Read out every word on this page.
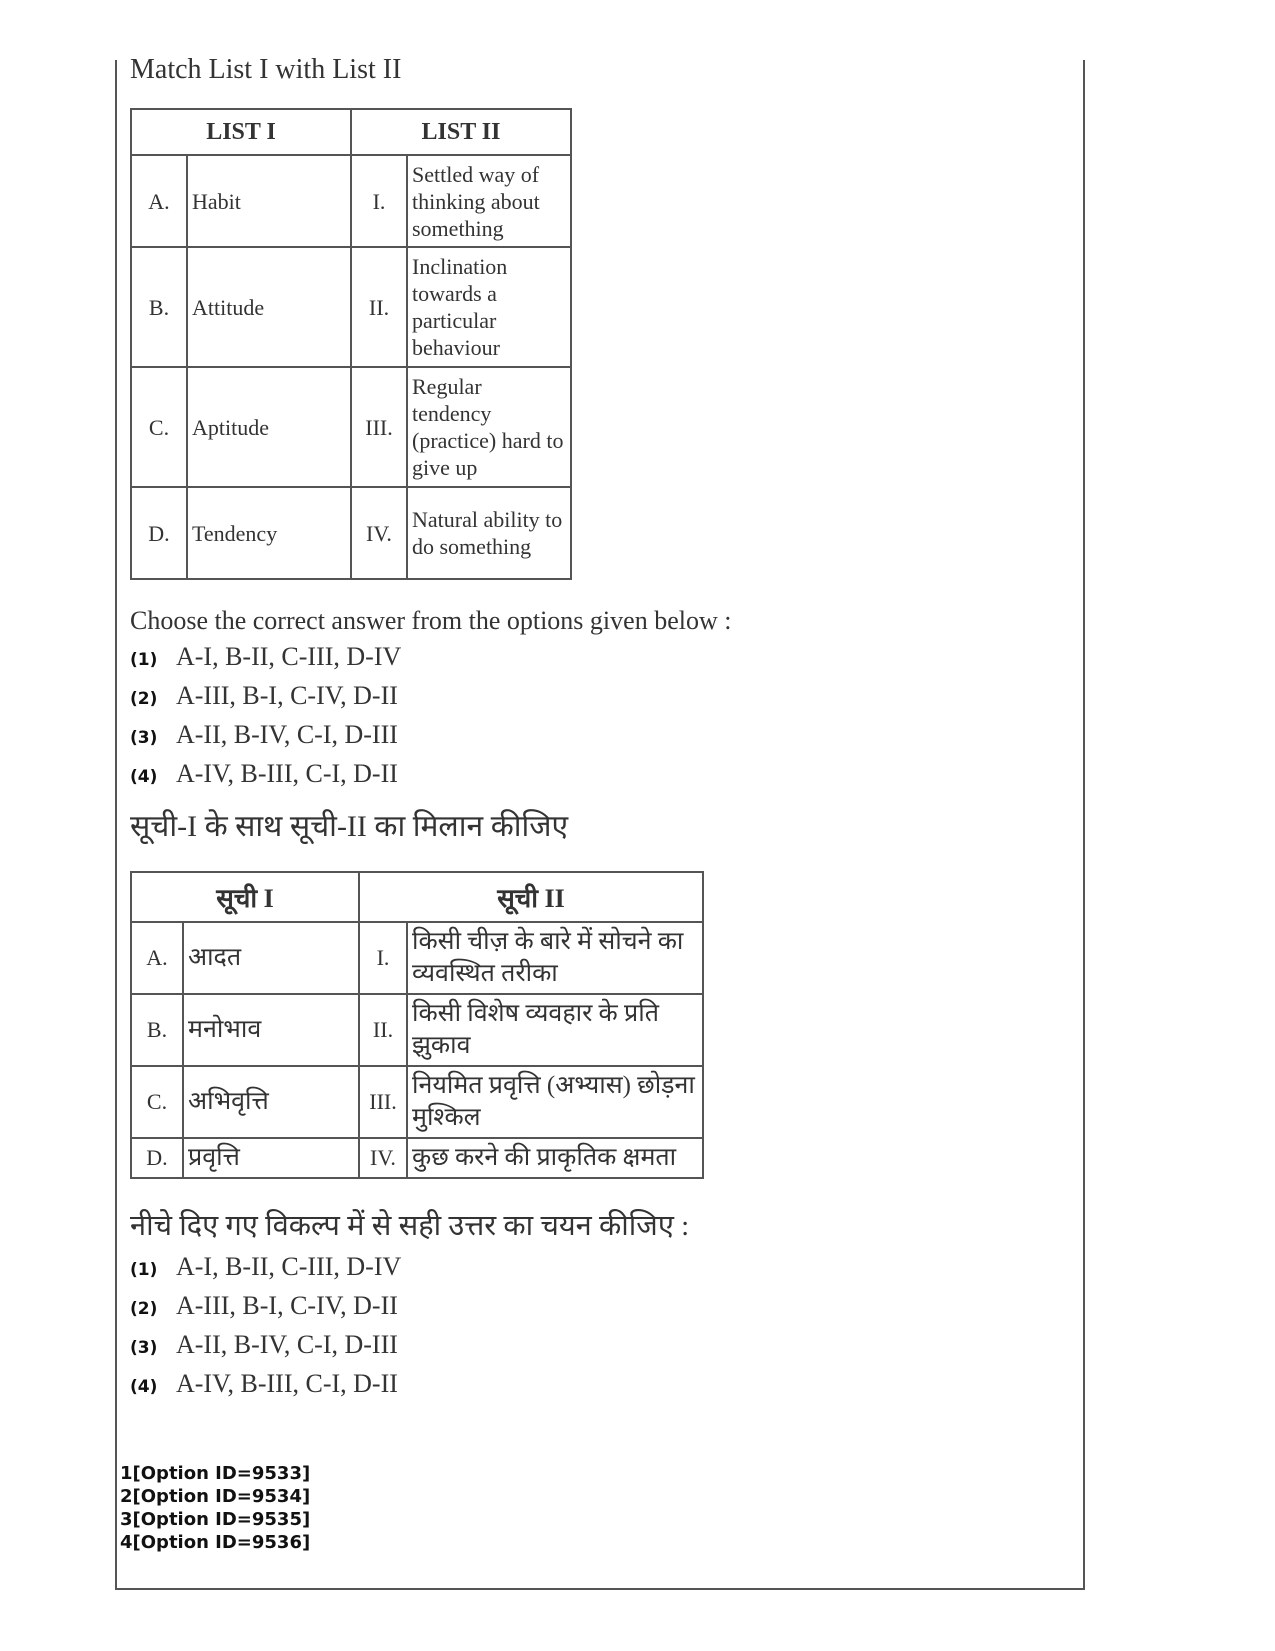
Match List I with List II
LIST I		LIST II	
A.	Habit	I.	Settled way of thinking about something
B.	Attitude	II.	Inclination towards a particular behaviour
C.	Aptitude	III.	Regular tendency (practice) hard to give up
D.	Tendency	IV.	Natural ability to do something
Choose the correct answer from the options given below :
(1) A-I, B-II, C-III, D-IV
(2) A-III, B-I, C-IV, D-II
(3) A-II, B-IV, C-I, D-III
(4) A-IV, B-III, C-I, D-II
सूची-I के साथ सूची-II का मिलान कीजिए
सूची I		सूची II	
A.	आदत	I.	किसी चीज़ के बारे में सोचने का व्यवस्थित तरीका
B.	मनोभाव	II.	किसी विशेष व्यवहार के प्रति झुकाव
C.	अभिवृत्ति	III.	नियमित प्रवृत्ति (अभ्यास) छोड़ना मुश्किल
D.	प्रवृत्ति	IV.	कुछ करने की प्राकृतिक क्षमता
नीचे दिए गए विकल्प में से सही उत्तर का चयन कीजिए :
(1) A-I, B-II, C-III, D-IV
(2) A-III, B-I, C-IV, D-II
(3) A-II, B-IV, C-I, D-III
(4) A-IV, B-III, C-I, D-II
1[Option ID=9533]
2[Option ID=9534]
3[Option ID=9535]
4[Option ID=9536]
